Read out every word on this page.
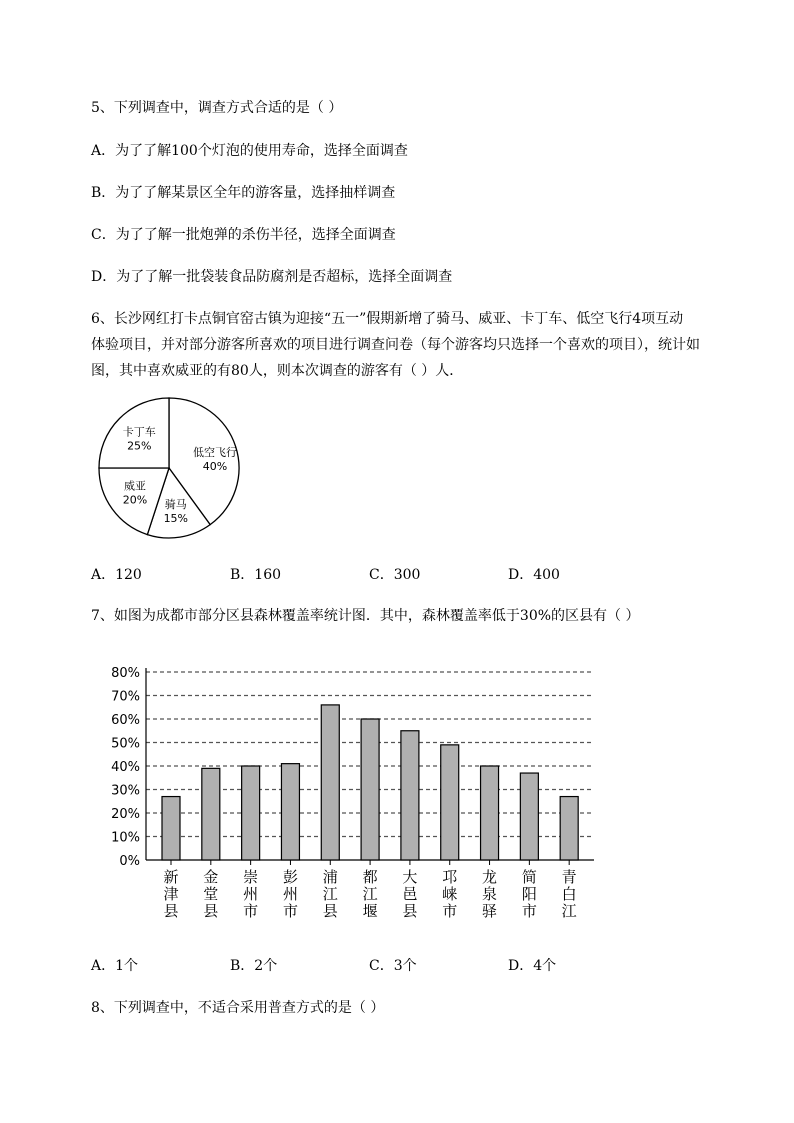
5、下列调查中，调查方式合适的是（ ）
A．为了了解100个灯泡的使用寿命，选择全面调查
B．为了了解某景区全年的游客量，选择抽样调查
C．为了了解一批炮弹的杀伤半径，选择全面调查
D．为了了解一批袋装食品防腐剂是否超标，选择全面调查
6、长沙网红打卡点铜官窑古镇为迎接“五一”假期新增了骑马、威亚、卡丁车、低空飞行4项互动
体验项目，并对部分游客所喜欢的项目进行调查问卷（每个游客均只选择一个喜欢的项目），统计如
图，其中喜欢威亚的有80人，则本次调查的游客有（ ）人．
低空飞行
40%
骑马
15%
威亚
20%
卡丁车
25%
A．120	B．160	C．300	D．400
7、如图为成都市部分区县森林覆盖率统计图．其中，森林覆盖率低于30%的区县有（ ）
0%
10%
20%
30%
40%
50%
60%
70%
80%
新津县
金堂县
崇州市
彭州市
浦江县
都江堰
大邑县
邛崃市
龙泉驿
简阳市
青白江
A．1个	B．2个	C．3个	D．4个
8、下列调查中，不适合采用普查方式的是（ ）
